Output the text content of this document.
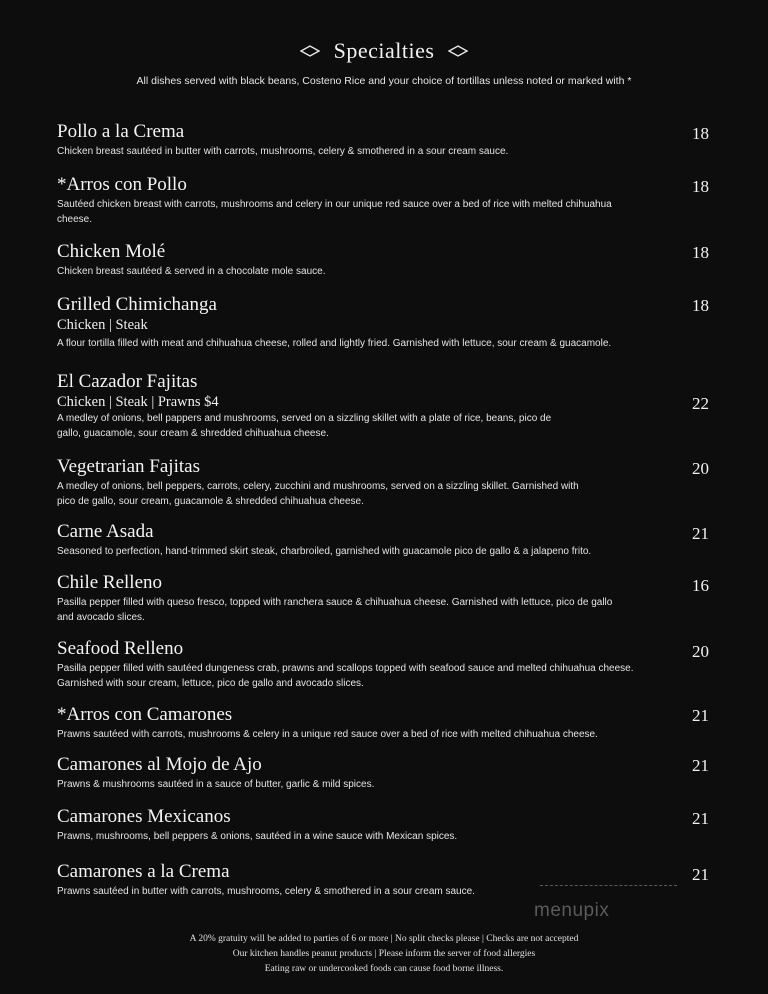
Specialties
All dishes served with black beans, Costeno Rice and your choice of tortillas unless noted or marked with *
Pollo a la Crema
Chicken breast sautéed in butter with carrots, mushrooms, celery & smothered in a sour cream sauce.
18
*Arros con Pollo
Sautéed chicken breast with carrots, mushrooms and celery in our unique red sauce over a bed of rice with melted chihuahua cheese.
18
Chicken Molé
Chicken breast sautéed & served in a chocolate mole sauce.
18
Grilled Chimichanga
Chicken | Steak
A flour tortilla filled with meat and chihuahua cheese, rolled and lightly fried. Garnished with lettuce, sour cream & guacamole.
18
El Cazador Fajitas
Chicken | Steak | Prawns $4
A medley of onions, bell pappers and mushrooms, served on a sizzling skillet with a plate of rice, beans, pico de gallo, guacamole, sour cream & shredded chihuahua cheese.
22
Vegetrarian Fajitas
A medley of onions, bell peppers, carrots, celery, zucchini and mushrooms, served on a sizzling skillet. Garnished with pico de gallo, sour cream, guacamole & shredded chihuahua cheese.
20
Carne Asada
Seasoned to perfection, hand-trimmed skirt steak, charbroiled, garnished with guacamole pico de gallo & a jalapeno frito.
21
Chile Relleno
Pasilla pepper filled with queso fresco, topped with ranchera sauce & chihuahua cheese. Garnished with lettuce, pico de gallo and avocado slices.
16
Seafood Relleno
Pasilla pepper filled with sautéed dungeness crab, prawns and scallops topped with seafood sauce and melted chihuahua cheese. Garnished with sour cream, lettuce, pico de gallo and avocado slices.
20
*Arros con Camarones
Prawns sautéed with carrots, mushrooms & celery in a unique red sauce over a bed of rice with melted chihuahua cheese.
21
Camarones al Mojo de Ajo
Prawns & mushrooms sautéed in a sauce of butter, garlic & mild spices.
21
Camarones Mexicanos
Prawns, mushrooms, bell peppers & onions, sautéed in a wine sauce with Mexican spices.
21
Camarones a la Crema
Prawns sautéed in butter with carrots, mushrooms, celery & smothered in a sour cream sauce.
21
menupix
A 20% gratuity will be added to parties of 6 or more | No split checks please | Checks are not accepted
Our kitchen handles peanut products | Please inform the server of food allergies
Eating raw or undercooked foods can cause food borne illness.
